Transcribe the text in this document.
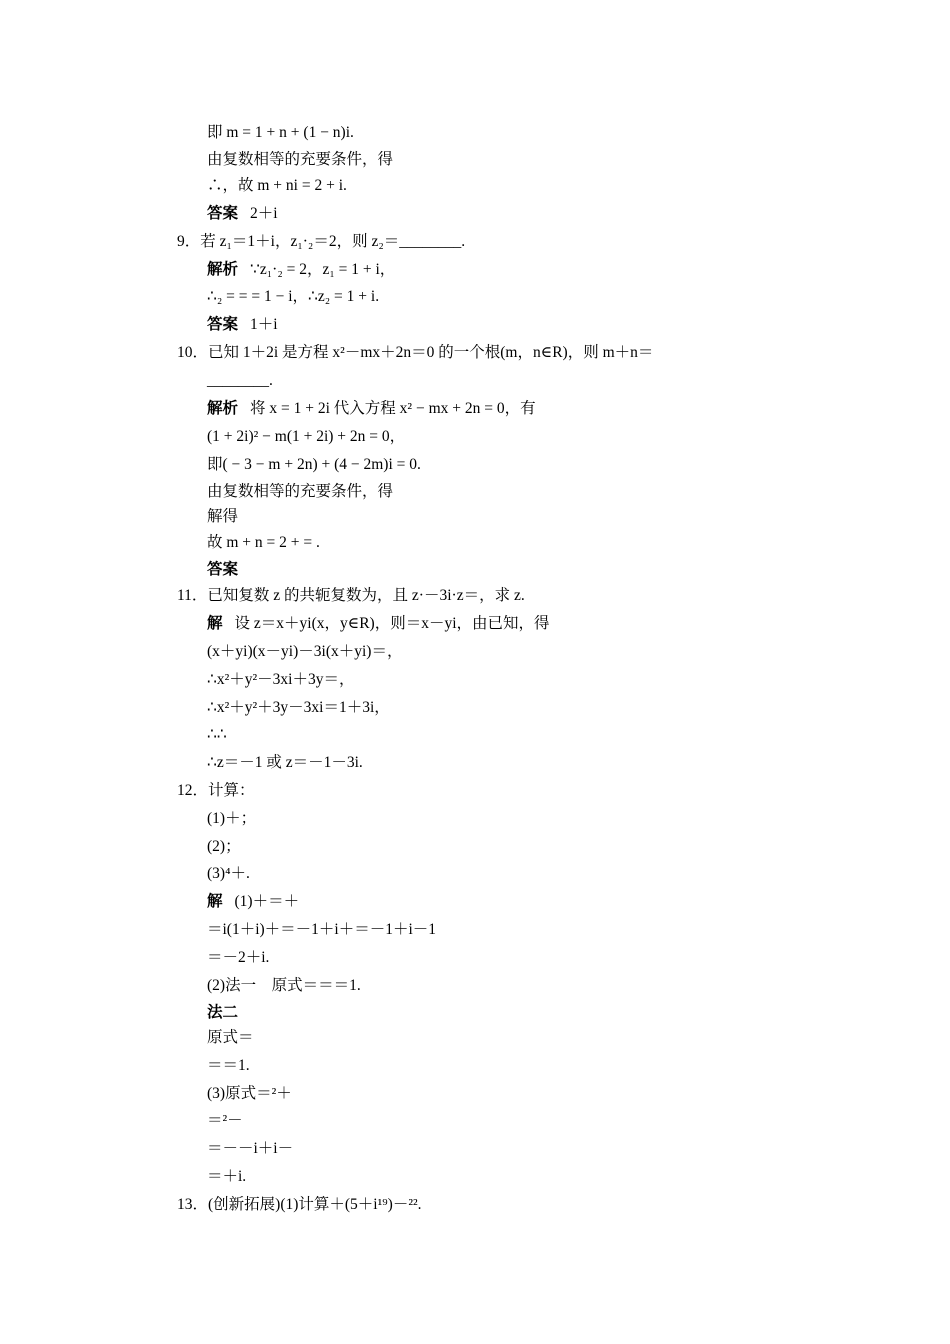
即 m = 1 + n + (1 − n)i.
由复数相等的充要条件，得
∴，故 m + ni = 2 + i.
答案 2＋i
9．若 z₁＝1＋i，z₁·₂＝2，则 z₂＝________.
解析 ∵z₁·₂ = 2，z₁ = 1 + i，
∴₂ = = = 1 − i，∴z₂ = 1 + i.
答案 1＋i
10．已知 1＋2i 是方程 x²－mx＋2n＝0 的一个根(m，n∈R)，则 m＋n＝
________.
解析 将 x = 1 + 2i 代入方程 x² − mx + 2n = 0，有
(1 + 2i)² − m(1 + 2i) + 2n = 0，
即( − 3 − m + 2n) + (4 − 2m)i = 0.
由复数相等的充要条件，得
解得
故 m + n = 2 + = .
答案
11．已知复数 z 的共轭复数为，且 z·－3i·z＝，求 z.
解 设 z＝x＋yi(x，y∈R)，则＝x－yi，由已知，得
(x＋yi)(x－yi)－3i(x＋yi)＝，
∴x²＋y²－3xi＋3y＝，
∴x²＋y²＋3y－3xi＝1＋3i，
∴∴
∴z＝－1 或 z＝－1－3i.
12．计算：
(1)＋；
(2)；
(3)⁴＋.
解 (1)＋＝＋
＝i(1＋i)＋＝－1＋i＋＝－1＋i－1
＝－2＋i.
(2)法一　原式＝＝＝1.
法二
原式＝
＝＝1.
(3)原式＝²＋
＝²－
＝－－i＋i－
＝＋i.
13．(创新拓展)(1)计算＋(5＋i¹⁹)－²².
